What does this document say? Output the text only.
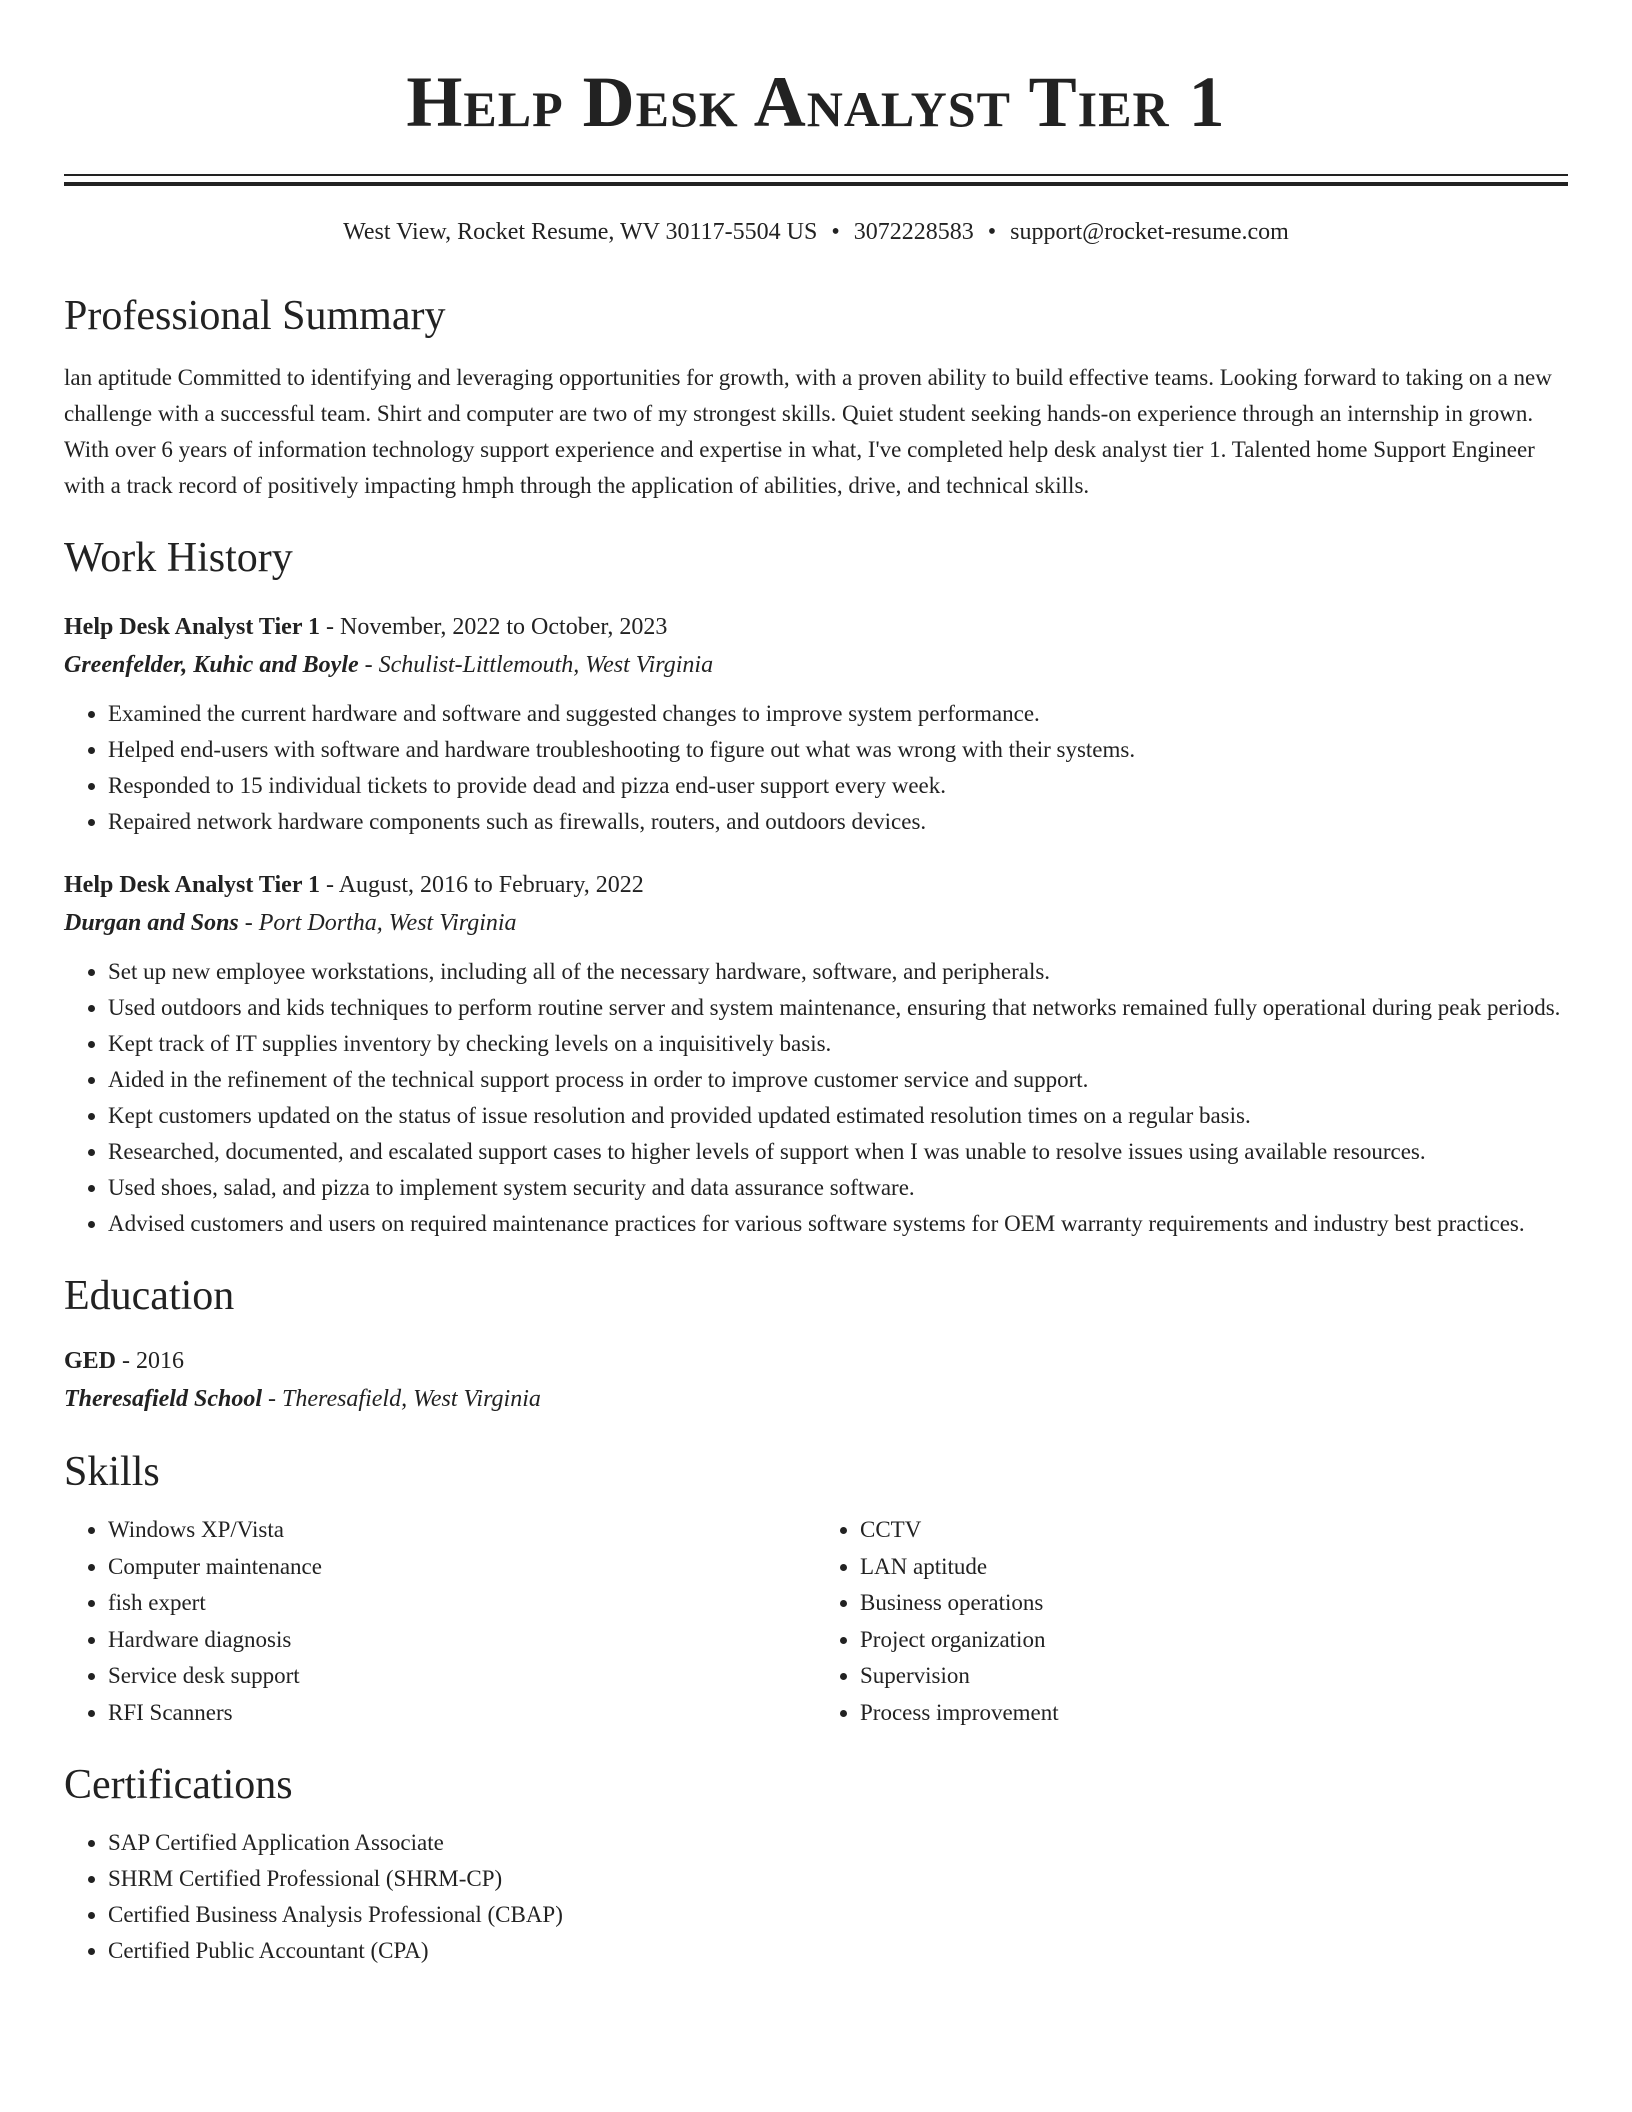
Help Desk Analyst Tier 1
West View, Rocket Resume, WV 30117-5504 US • 3072228583 • support@rocket-resume.com
Professional Summary

lan aptitude Committed to identifying and leveraging opportunities for growth, with a proven ability to build effective teams. Looking forward to taking on a new challenge with a successful team. Shirt and computer are two of my strongest skills. Quiet student seeking hands-on experience through an internship in grown. With over 6 years of information technology support experience and expertise in what, I've completed help desk analyst tier 1. Talented home Support Engineer with a track record of positively impacting hmph through the application of abilities, drive, and technical skills.

Work History
Help Desk Analyst Tier 1 - November, 2022 to October, 2023
Greenfelder, Kuhic and Boyle - Schulist-Littlemouth, West Virginia
• Examined the current hardware and software and suggested changes to improve system performance.
• Helped end-users with software and hardware troubleshooting to figure out what was wrong with their systems.
• Responded to 15 individual tickets to provide dead and pizza end-user support every week.
• Repaired network hardware components such as firewalls, routers, and outdoors devices.
Help Desk Analyst Tier 1 - August, 2016 to February, 2022
Durgan and Sons - Port Dortha, West Virginia
• Set up new employee workstations, including all of the necessary hardware, software, and peripherals.
• Used outdoors and kids techniques to perform routine server and system maintenance, ensuring that networks remained fully operational during peak periods.
• Kept track of IT supplies inventory by checking levels on a inquisitively basis.
• Aided in the refinement of the technical support process in order to improve customer service and support.
• Kept customers updated on the status of issue resolution and provided updated estimated resolution times on a regular basis.
• Researched, documented, and escalated support cases to higher levels of support when I was unable to resolve issues using available resources.
• Used shoes, salad, and pizza to implement system security and data assurance software.
• Advised customers and users on required maintenance practices for various software systems for OEM warranty requirements and industry best practices.
Education
GED - 2016
Theresafield School - Theresafield, West Virginia
Skills
• Windows XP/Vista
• Computer maintenance
• fish expert
• Hardware diagnosis
• Service desk support
• RFI Scanners
• CCTV
• LAN aptitude
• Business operations
• Project organization
• Supervision
• Process improvement
Certifications
• SAP Certified Application Associate
• SHRM Certified Professional (SHRM-CP)
• Certified Business Analysis Professional (CBAP)
• Certified Public Accountant (CPA)
